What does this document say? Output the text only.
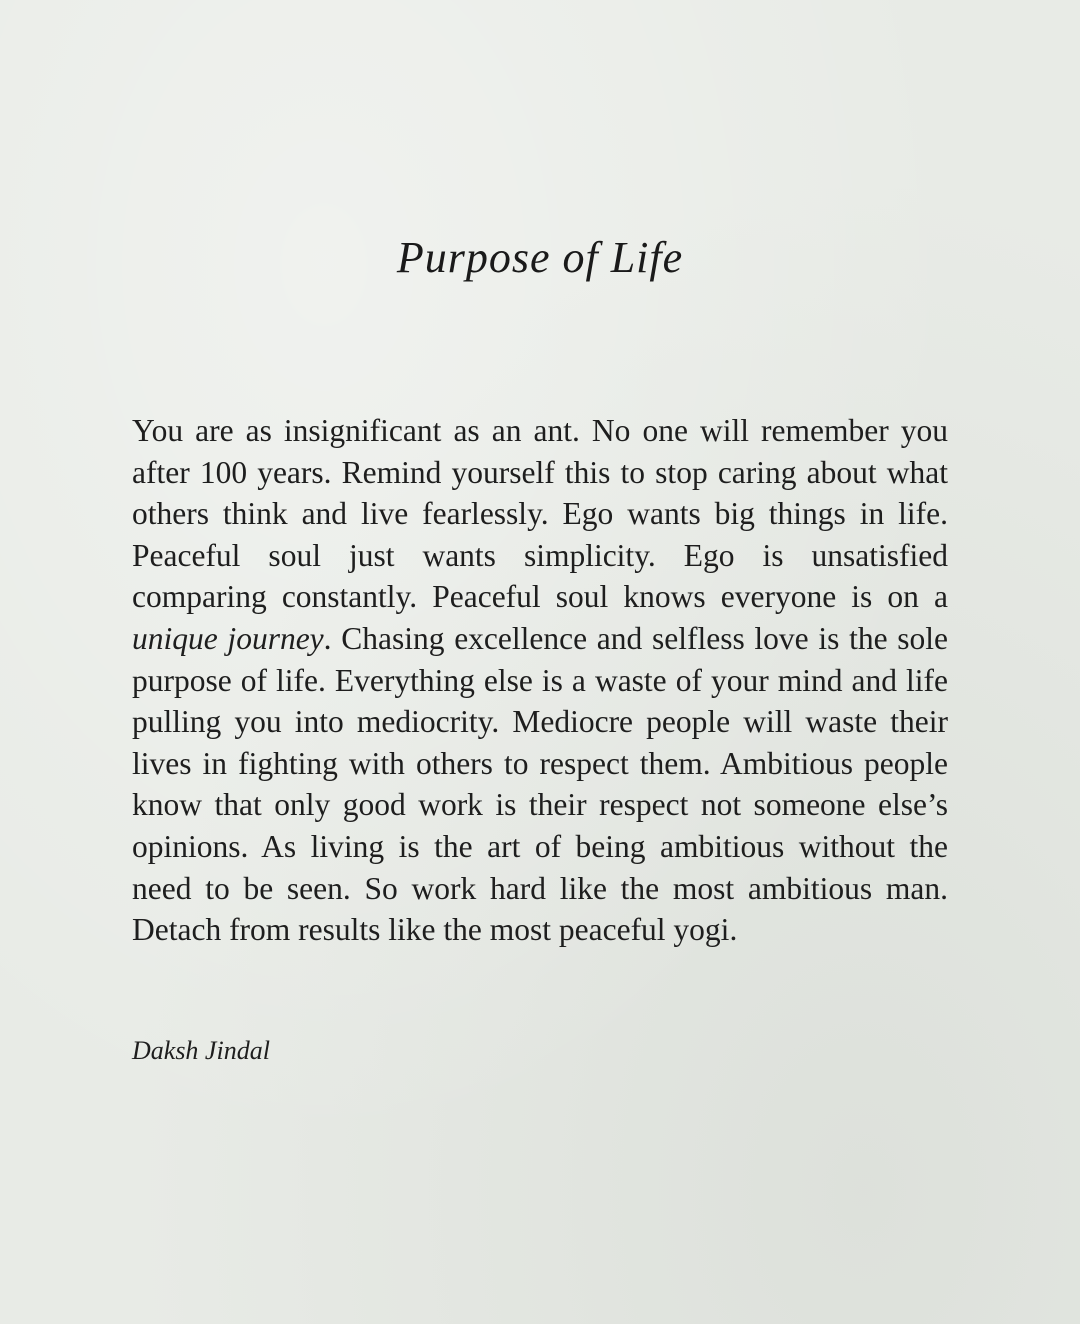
Purpose of Life

You are as insignificant as an ant. No one will remember you after 100 years. Remind yourself this to stop caring about what others think and live fearlessly. Ego wants big things in life. Peaceful soul just wants simplicity. Ego is unsatisfied comparing constantly. Peaceful soul knows everyone is on a unique journey. Chasing excellence and selfless love is the sole purpose of life. Everything else is a waste of your mind and life pulling you into mediocrity. Mediocre people will waste their lives in fighting with others to respect them. Ambitious people know that only good work is their respect not someone else’s opinions. As living is the art of being ambitious without the need to be seen. So work hard like the most ambitious man. Detach from results like the most peaceful yogi.

Daksh Jindal
